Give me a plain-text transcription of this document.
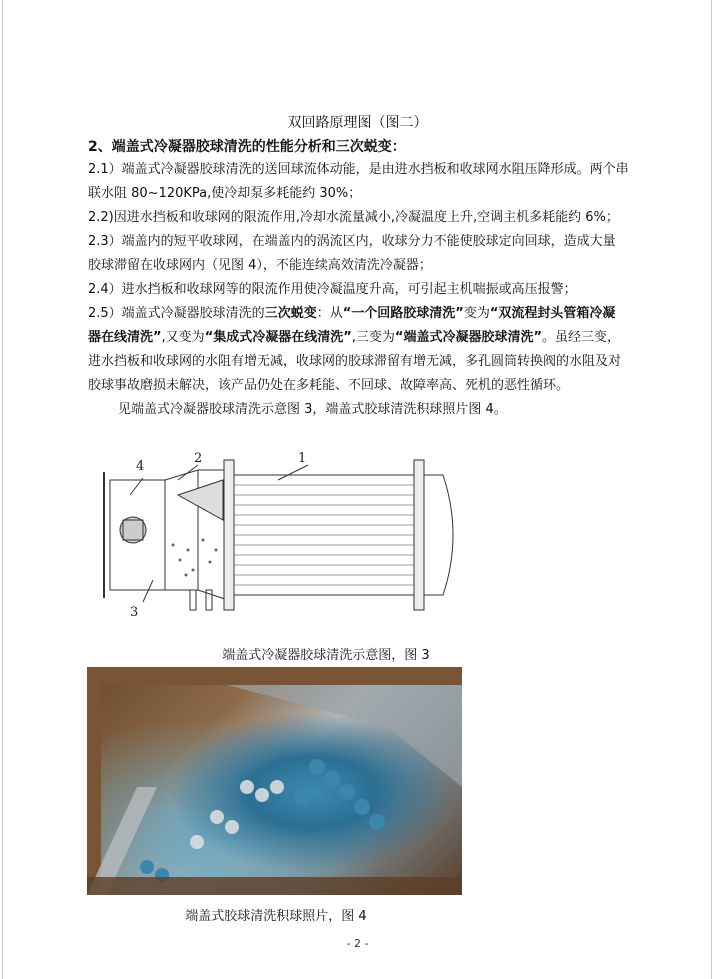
双回路原理图（图二）
2、端盖式冷凝器胶球清洗的性能分析和三次蜕变：
2.1）端盖式冷凝器胶球清洗的送回球流体动能，是由进水挡板和收球网水阻压降形成。两个串
联水阻 80~120KPa,使冷却泵多耗能约 30%；
2.2)因进水挡板和收球网的限流作用,冷却水流量减小,冷凝温度上升,空调主机多耗能约 6%；
2.3）端盖内的短平收球网，在端盖内的涡流区内，收球分力不能使胶球定向回球，造成大量
胶球滞留在收球网内（见图 4），不能连续高效清洗冷凝器；
2.4）进水挡板和收球网等的限流作用使冷凝温度升高，可引起主机喘振或高压报警；
2.5）端盖式冷凝器胶球清洗的三次蜕变：从“一个回路胶球清洗”变为“双流程封头管箱冷凝
器在线清洗”,又变为“集成式冷凝器在线清洗”,三变为“端盖式冷凝器胶球清洗”。虽经三变，
进水挡板和收球网的水阻有增无减，收球网的胶球滞留有增无减，多孔圆筒转换阀的水阻及对
胶球事故磨损未解决，该产品仍处在多耗能、不回球、故障率高、死机的恶性循环。
见端盖式冷凝器胶球清洗示意图 3，端盖式胶球清洗积球照片图 4。
4
2	1
3
端盖式冷凝器胶球清洗示意图，图 3
端盖式胶球清洗积球照片，图 4
- 2 -
